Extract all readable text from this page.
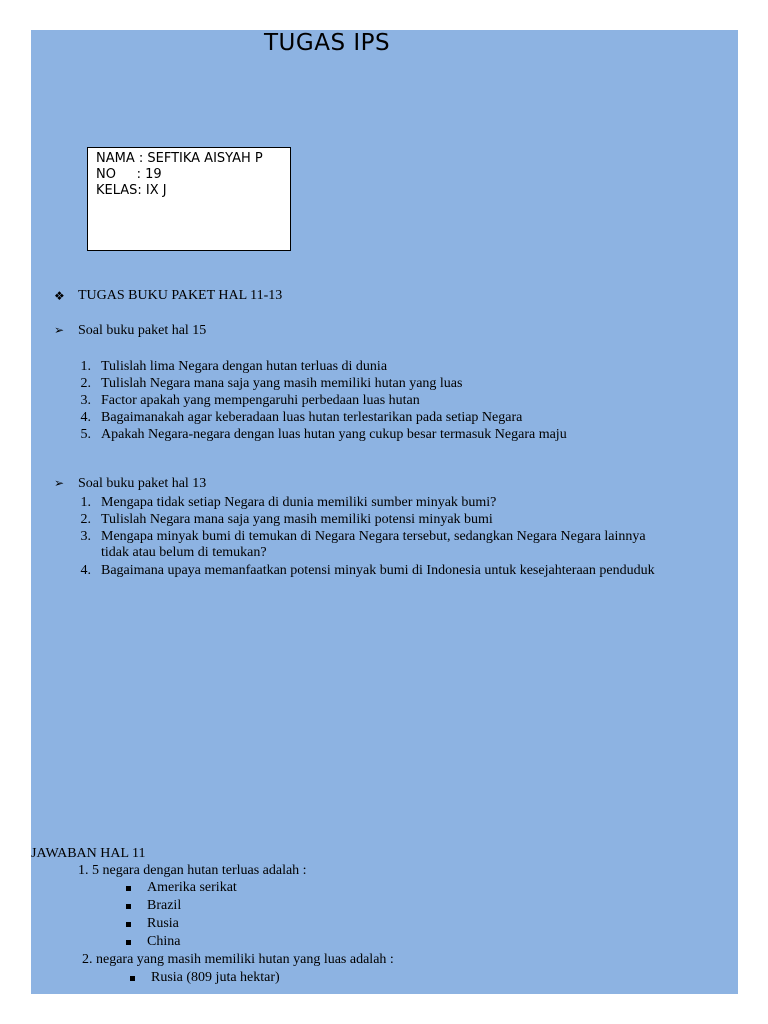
TUGAS IPS
NAMA : SEFTIKA AISYAH P
NO     : 19
KELAS: IX J
❖ TUGAS BUKU PAKET HAL 11-13
➢ Soal buku paket hal 15
1. Tulislah lima Negara dengan hutan terluas di dunia
2. Tulislah Negara mana saja yang masih memiliki hutan yang luas
3. Factor apakah yang mempengaruhi perbedaan luas hutan
4. Bagaimanakah agar keberadaan luas hutan terlestarikan pada setiap Negara
5. Apakah Negara-negara dengan luas hutan yang cukup besar termasuk Negara maju
➢ Soal buku paket hal 13
1. Mengapa tidak setiap Negara di dunia memiliki sumber minyak bumi?
2. Tulislah Negara mana saja yang masih memiliki potensi minyak bumi
3. Mengapa minyak bumi di temukan di Negara Negara tersebut, sedangkan Negara Negara lainnya
tidak atau belum di temukan?
4. Bagaimana upaya memanfaatkan potensi minyak bumi di Indonesia untuk kesejahteraan penduduk
JAWABAN HAL 11
1. 5 negara dengan hutan terluas adalah :
Amerika serikat
Brazil
Rusia
China
2. negara yang masih memiliki hutan yang luas adalah :
Rusia (809 juta hektar)
